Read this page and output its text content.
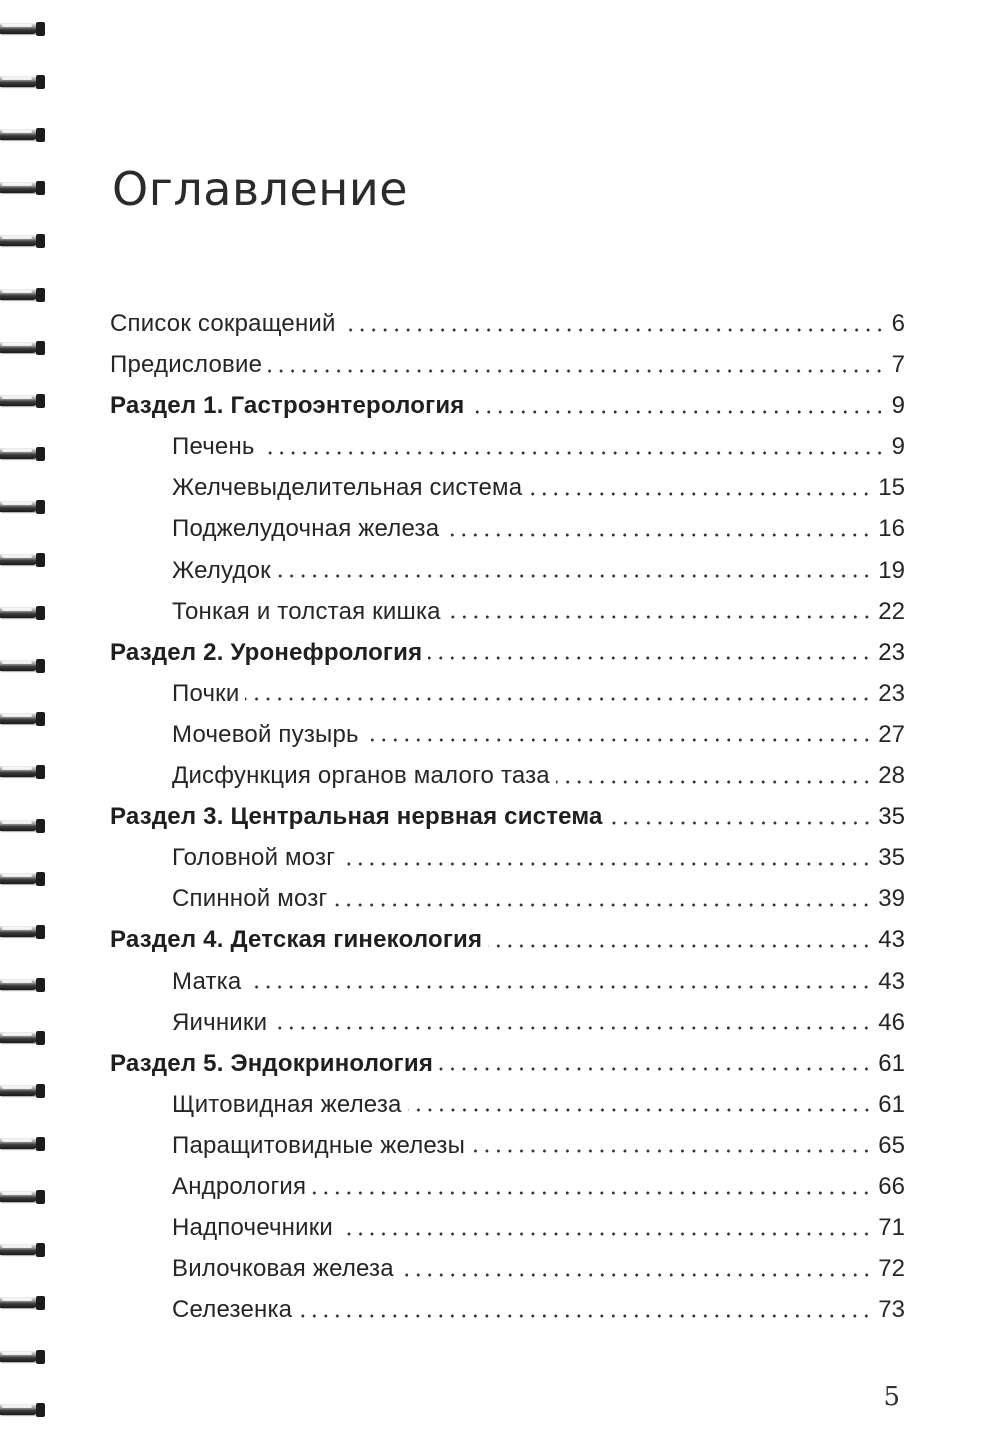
Оглавление
Список сокращений	6
Предисловие	7
Раздел 1. Гастроэнтерология	9
Печень	9
Желчевыделительная система	15
Поджелудочная железа	16
Желудок	19
Тонкая и толстая кишка	22
Раздел 2. Уронефрология	23
Почки	23
Мочевой пузырь	27
Дисфункция органов малого таза	28
Раздел 3. Центральная нервная система	35
Головной мозг	35
Спинной мозг	39
Раздел 4. Детская гинекология	43
Матка	43
Яичники	46
Раздел 5. Эндокринология	61
Щитовидная железа	61
Паращитовидные железы	65
Андрология	66
Надпочечники	71
Вилочковая железа	72
Селезенка	73
5
